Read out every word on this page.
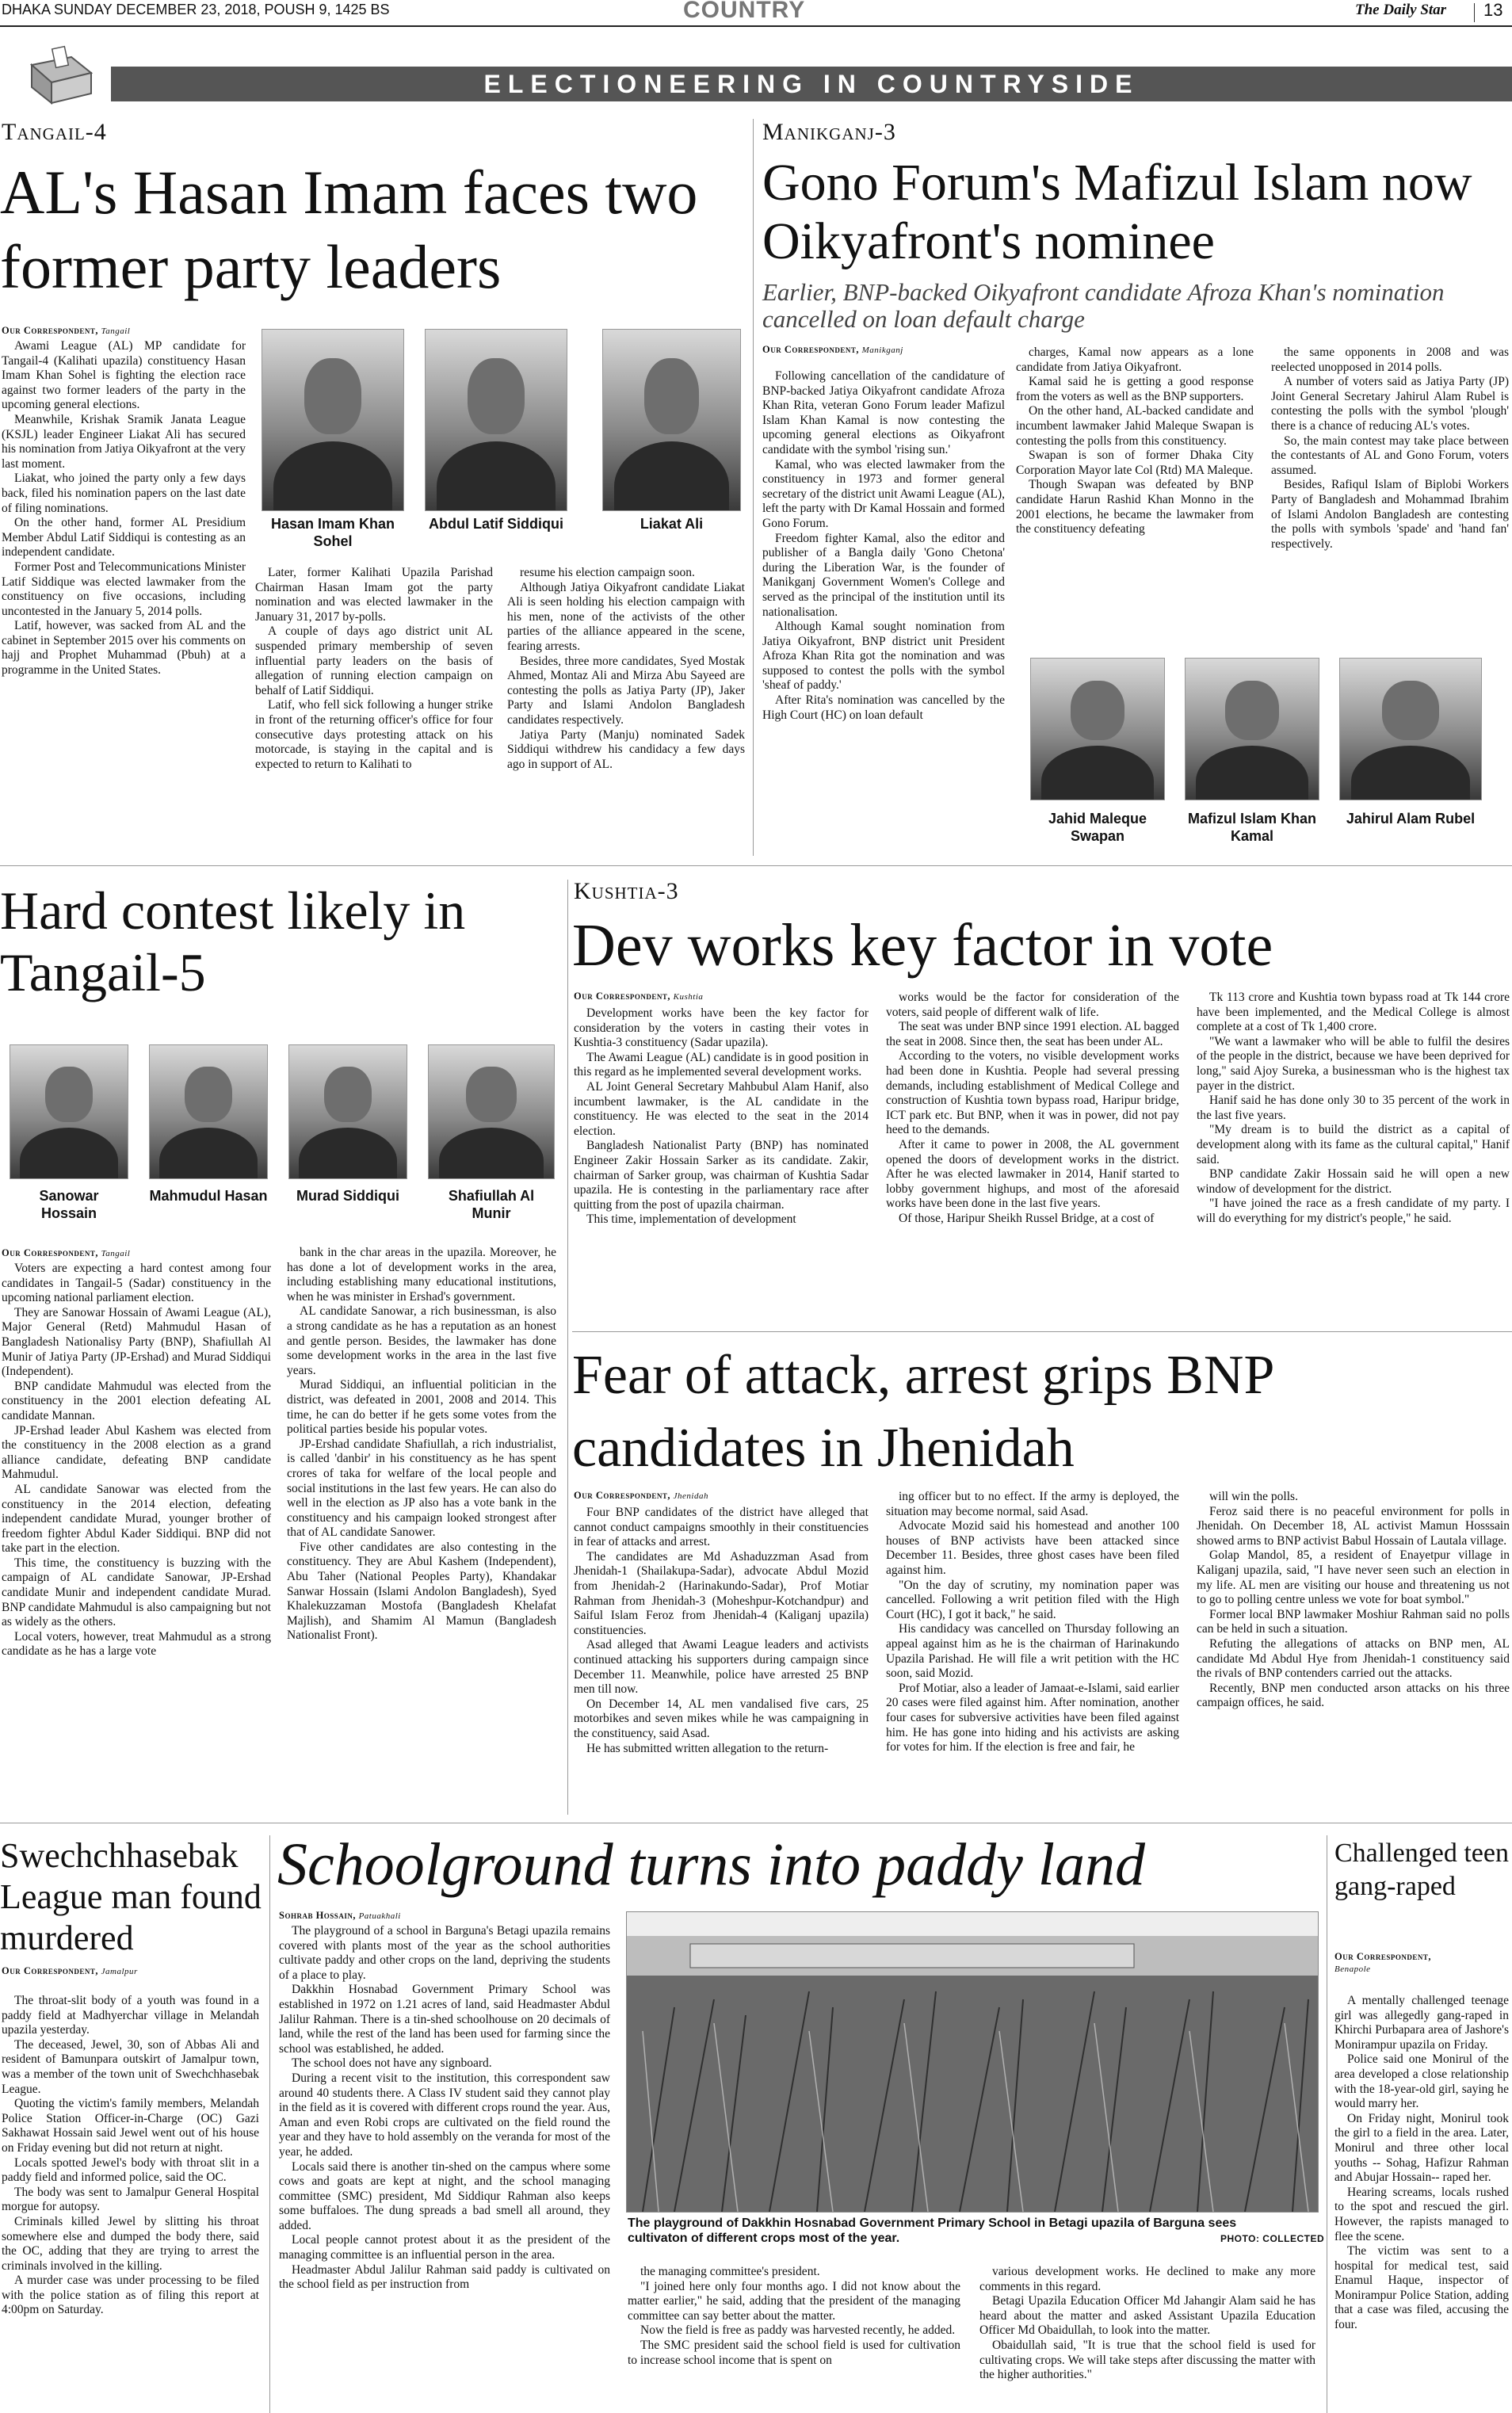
DHAKA SUNDAY DECEMBER 23, 2018, POUSH 9, 1425 BS	COUNTRY	The Daily Star 13
ELECTIONEERING IN COUNTRYSIDE
Tangail-4
AL's Hasan Imam faces two former party leaders
Our Correspondent, Tangail

Awami League (AL) MP candidate for Tangail-4 (Kalihati upazila) constituency Hasan Imam Khan Sohel is fighting the election race against two former leaders of the party in the upcoming general elections.

Meanwhile, Krishak Sramik Janata League (KSJL) leader Engineer Liakat Ali has secured his nomination from Jatiya Oikyafront at the very last moment.

Liakat, who joined the party only a few days back, filed his nomination papers on the last date of filing nominations.

On the other hand, former AL Presidium Member Abdul Latif Siddiqui is contesting as an independent candidate.

Former Post and Telecommunications Minister Latif Siddique was elected lawmaker from the constituency on five occasions, including uncontested in the January 5, 2014 polls.

Latif, however, was sacked from AL and the cabinet in September 2015 over his comments on hajj and Prophet Muhammad (Pbuh) at a programme in the United States.

Hasan Imam Khan Sohel
Abdul Latif Siddiqui	Liakat Ali

Later, former Kalihati Upazila Parishad Chairman Hasan Imam got the party nomination and was elected lawmaker in the January 31, 2017 by-polls.

A couple of days ago district unit AL suspended primary membership of seven influential party leaders on the basis of allegation of running election campaign on behalf of Latif Siddiqui.

Latif, who fell sick following a hunger strike in front of the returning officer's office for four consecutive days protesting attack on his motorcade, is staying in the capital and is expected to return to Kalihati to

resume his election campaign soon.

Although Jatiya Oikyafront candidate Liakat Ali is seen holding his election campaign with his men, none of the activists of the other parties of the alliance appeared in the scene, fearing arrests.

Besides, three more candidates, Syed Mostak Ahmed, Montaz Ali and Mirza Abu Sayeed are contesting the polls as Jatiya Party (JP), Jaker Party and Islami Andolon Bangladesh candidates respectively.

Jatiya Party (Manju) nominated Sadek Siddiqui withdrew his candidacy a few days ago in support of AL.

Manikganj-3
Gono Forum's Mafizul Islam now Oikyafront's nominee
Earlier, BNP-backed Oikyafront candidate Afroza Khan's nomination cancelled on loan default charge
Our Correspondent, Manikganj

Following cancellation of the candidature of BNP-backed Jatiya Oikyafront candidate Afroza Khan Rita, veteran Gono Forum leader Mafizul Islam Khan Kamal is now contesting the upcoming general elections as Oikyafront candidate with the symbol 'rising sun.'

Kamal, who was elected lawmaker from the constituency in 1973 and former general secretary of the district unit Awami League (AL), left the party with Dr Kamal Hossain and formed Gono Forum.

Freedom fighter Kamal, also the editor and publisher of a Bangla daily 'Gono Chetona' during the Liberation War, is the founder of Manikganj Government Women's College and served as the principal of the institution until its nationalisation.

Although Kamal sought nomination from Jatiya Oikyafront, BNP district unit President Afroza Khan Rita got the nomination and was supposed to contest the polls with the symbol 'sheaf of paddy.'

After Rita's nomination was cancelled by the High Court (HC) on loan default

charges, Kamal now appears as a lone candidate from Jatiya Oikyafront.

Kamal said he is getting a good response from the voters as well as the BNP supporters.

On the other hand, AL-backed candidate and incumbent lawmaker Jahid Maleque Swapan is contesting the polls from this constituency.

Swapan is son of former Dhaka City Corporation Mayor late Col (Rtd) MA Maleque.

Though Swapan was defeated by BNP candidate Harun Rashid Khan Monno in the 2001 elections, he became the lawmaker from the constituency defeating

the same opponents in 2008 and was reelected unopposed in 2014 polls.

A number of voters said as Jatiya Party (JP) Joint General Secretary Jahirul Alam Rubel is contesting the polls with the symbol 'plough' there is a chance of reducing AL's votes.

So, the main contest may take place between the contestants of AL and Gono Forum, voters assumed.

Besides, Rafiqul Islam of Biplobi Workers Party of Bangladesh and Mohammad Ibrahim of Islami Andolon Bangladesh are contesting the polls with symbols 'spade' and 'hand fan' respectively.

Jahid Maleque Swapan
Mafizul Islam Khan Kamal
Jahirul Alam Rubel
Hard contest likely in Tangail-5
Sanowar Hossain
Mahmudul Hasan	Murad Siddiqui	Shafiullah Al Munir
Our Correspondent, Tangail

Voters are expecting a hard contest among four candidates in Tangail-5 (Sadar) constituency in the upcoming national parliament election.

They are Sanowar Hossain of Awami League (AL), Major General (Retd) Mahmudul Hasan of Bangladesh Nationalisy Party (BNP), Shafiullah Al Munir of Jatiya Party (JP-Ershad) and Murad Siddiqui (Independent).

BNP candidate Mahmudul was elected from the constituency in the 2001 election defeating AL candidate Mannan.

JP-Ershad leader Abul Kashem was elected from the constituency in the 2008 election as a grand alliance candidate, defeating BNP candidate Mahmudul.

AL candidate Sanowar was elected from the constituency in the 2014 election, defeating independent candidate Murad, younger brother of freedom fighter Abdul Kader Siddiqui. BNP did not take part in the election.

This time, the constituency is buzzing with the campaign of AL candidate Sanowar, JP-Ershad candidate Munir and independent candidate Murad. BNP candidate Mahmudul is also campaigning but not as widely as the others.

Local voters, however, treat Mahmudul as a strong candidate as he has a large vote

bank in the char areas in the upazila. Moreover, he has done a lot of development works in the area, including establishing many educational institutions, when he was minister in Ershad's government.

AL candidate Sanowar, a rich businessman, is also a strong candidate as he has a reputation as an honest and gentle person. Besides, the lawmaker has done some development works in the area in the last five years.

Murad Siddiqui, an influential politician in the district, was defeated in 2001, 2008 and 2014. This time, he can do better if he gets some votes from the political parties beside his popular votes.

JP-Ershad candidate Shafiullah, a rich industrialist, is called 'danbir' in his constituency as he has spent crores of taka for welfare of the local people and social institutions in the last few years. He can also do well in the election as JP also has a vote bank in the constituency and his campaign looked strongest after that of AL candidate Sanower.

Five other candidates are also contesting in the constituency. They are Abul Kashem (Independent), Abu Taher (National Peoples Party), Khandakar Sanwar Hossain (Islami Andolon Bangladesh), Syed Khalekuzzaman Mostofa (Bangladesh Khelafat Majlish), and Shamim Al Mamun (Bangladesh Nationalist Front).

Kushtia-3
Dev works key factor in vote
Our Correspondent, Kushtia

Development works have been the key factor for consideration by the voters in casting their votes in Kushtia-3 constituency (Sadar upazila).

The Awami League (AL) candidate is in good position in this regard as he implemented several development works.

AL Joint General Secretary Mahbubul Alam Hanif, also incumbent lawmaker, is the AL candidate in the constituency. He was elected to the seat in the 2014 election.

Bangladesh Nationalist Party (BNP) has nominated Engineer Zakir Hossain Sarker as its candidate. Zakir, chairman of Sarker group, was chairman of Kushtia Sadar upazila. He is contesting in the parliamentary race after quitting from the post of upazila chairman.

This time, implementation of development

works would be the factor for consideration of the voters, said people of different walk of life.

The seat was under BNP since 1991 election. AL bagged the seat in 2008. Since then, the seat has been under AL.

According to the voters, no visible development works had been done in Kushtia. People had several pressing demands, including establishment of Medical College and construction of Kushtia town bypass road, Haripur bridge, ICT park etc. But BNP, when it was in power, did not pay heed to the demands.

After it came to power in 2008, the AL government opened the doors of development works in the district. After he was elected lawmaker in 2014, Hanif started to lobby government highups, and most of the aforesaid works have been done in the last five years.

Of those, Haripur Sheikh Russel Bridge, at a cost of

Tk 113 crore and Kushtia town bypass road at Tk 144 crore have been implemented, and the Medical College is almost complete at a cost of Tk 1,400 crore.

"We want a lawmaker who will be able to fulfil the desires of the people in the district, because we have been deprived for long," said Ajoy Sureka, a businessman who is the highest tax payer in the district.

Hanif said he has done only 30 to 35 percent of the work in the last five years.

"My dream is to build the district as a capital of development along with its fame as the cultural capital," Hanif said.

BNP candidate Zakir Hossain said he will open a new window of development for the district.

"I have joined the race as a fresh candidate of my party. I will do everything for my district's people," he said.

Fear of attack, arrest grips BNP candidates in Jhenidah
Our Correspondent, Jhenidah

Four BNP candidates of the district have alleged that cannot conduct campaigns smoothly in their constituencies in fear of attacks and arrest.

The candidates are Md Ashaduzzman Asad from Jhenidah-1 (Shailakupa-Sadar), advocate Abdul Mozid from Jhenidah-2 (Harinakundo-Sadar), Prof Motiar Rahman from Jhenidah-3 (Moheshpur-Kotchandpur) and Saiful Islam Feroz from Jhenidah-4 (Kaliganj upazila) constituencies.

Asad alleged that Awami League leaders and activists continued attacking his supporters during campaign since December 11. Meanwhile, police have arrested 25 BNP men till now.

On December 14, AL men vandalised five cars, 25 motorbikes and seven mikes while he was campaigning in the constituency, said Asad.

He has submitted written allegation to the return-

ing officer but to no effect. If the army is deployed, the situation may become normal, said Asad.

Advocate Mozid said his homestead and another 100 houses of BNP activists have been attacked since December 11. Besides, three ghost cases have been filed against him.

"On the day of scrutiny, my nomination paper was cancelled. Following a writ petition filed with the High Court (HC), I got it back," he said.

His candidacy was cancelled on Thursday following an appeal against him as he is the chairman of Harinakundo Upazila Parishad. He will file a writ petition with the HC soon, said Mozid.

Prof Motiar, also a leader of Jamaat-e-Islami, said earlier 20 cases were filed against him. After nomination, another four cases for subversive activities have been filed against him. He has gone into hiding and his activists are asking for votes for him. If the election is free and fair, he

will win the polls.

Feroz said there is no peaceful environment for polls in Jhenidah. On December 18, AL activist Mamun Hosssain showed arms to BNP activist Babul Hossain of Lautala village.

Golap Mandol, 85, a resident of Enayetpur village in Kaliganj upazila, said, "I have never seen such an election in my life. AL men are visiting our house and threatening us not to go to polling centre unless we vote for boat symbol."

Former local BNP lawmaker Moshiur Rahman said no polls can be held in such a situation.

Refuting the allegations of attacks on BNP men, AL candidate Md Abdul Hye from Jhenidah-1 constituency said the rivals of BNP contenders carried out the attacks.

Recently, BNP men conducted arson attacks on his three campaign offices, he said.

Swechchhasebak League man found murdered
Our Correspondent, Jamalpur

The throat-slit body of a youth was found in a paddy field at Madhyerchar village in Melandah upazila yesterday.

The deceased, Jewel, 30, son of Abbas Ali and resident of Bamunpara outskirt of Jamalpur town, was a member of the town unit of Swechchhasebak League.

Quoting the victim's family members, Melandah Police Station Officer-in-Charge (OC) Gazi Sakhawat Hossain said Jewel went out of his house on Friday evening but did not return at night.

Locals spotted Jewel's body with throat slit in a paddy field and informed police, said the OC.

The body was sent to Jamalpur General Hospital morgue for autopsy.

Criminals killed Jewel by slitting his throat somewhere else and dumped the body there, said the OC, adding that they are trying to arrest the criminals involved in the killing.

A murder case was under processing to be filed with the police station as of filing this report at 4:00pm on Saturday.

Schoolground turns into paddy land
Sohrab Hossain, Patuakhali

The playground of a school in Barguna's Betagi upazila remains covered with plants most of the year as the school authorities cultivate paddy and other crops on the land, depriving the students of a place to play.

Dakkhin Hosnabad Government Primary School was established in 1972 on 1.21 acres of land, said Headmaster Abdul Jalilur Rahman. There is a tin-shed schoolhouse on 20 decimals of land, while the rest of the land has been used for farming since the school was established, he added.

The school does not have any signboard.

During a recent visit to the institution, this correspondent saw around 40 students there. A Class IV student said they cannot play in the field as it is covered with different crops round the year. Aus, Aman and even Robi crops are cultivated on the field round the year and they have to hold assembly on the veranda for most of the year, he added.

Locals said there is another tin-shed on the campus where some cows and goats are kept at night, and the school managing committee (SMC) president, Md Siddiqur Rahman also keeps some buffaloes. The dung spreads a bad smell all around, they added.

Local people cannot protest about it as the president of the managing committee is an influential person in the area.

Headmaster Abdul Jalilur Rahman said paddy is cultivated on the school field as per instruction from

The playground of Dakkhin Hosnabad Government Primary School in Betagi upazila of Barguna sees cultivaton of different crops most of the year.	PHOTO: COLLECTED

the managing committee's president.

"I joined here only four months ago. I did not know about the matter earlier," he said, adding that the president of the managing committee can say better about the matter.

Now the field is free as paddy was harvested recently, he added.

The SMC president said the school field is used for cultivation to increase school income that is spent on

various development works. He declined to make any more comments in this regard.

Betagi Upazila Education Officer Md Jahangir Alam said he has heard about the matter and asked Assistant Upazila Education Officer Md Obaidullah, to look into the matter.

Obaidullah said, "It is true that the school field is used for cultivating crops. We will take steps after discussing the matter with the higher authorities."

Challenged teen gang-raped
Our Correspondent,
Benapole

A mentally challenged teenage girl was allegedly gang-raped in Khirchi Purbapara area of Jashore's Monirampur upazila on Friday.

Police said one Monirul of the area developed a close relationship with the 18-year-old girl, saying he would marry her.

On Friday night, Monirul took the girl to a field in the area. Later, Monirul and three other local youths -- Sohag, Hafizur Rahman and Abujar Hossain-- raped her.

Hearing screams, locals rushed to the spot and rescued the girl. However, the rapists managed to flee the scene.

The victim was sent to a hospital for medical test, said Enamul Haque, inspector of Monirampur Police Station, adding that a case was filed, accusing the four.
